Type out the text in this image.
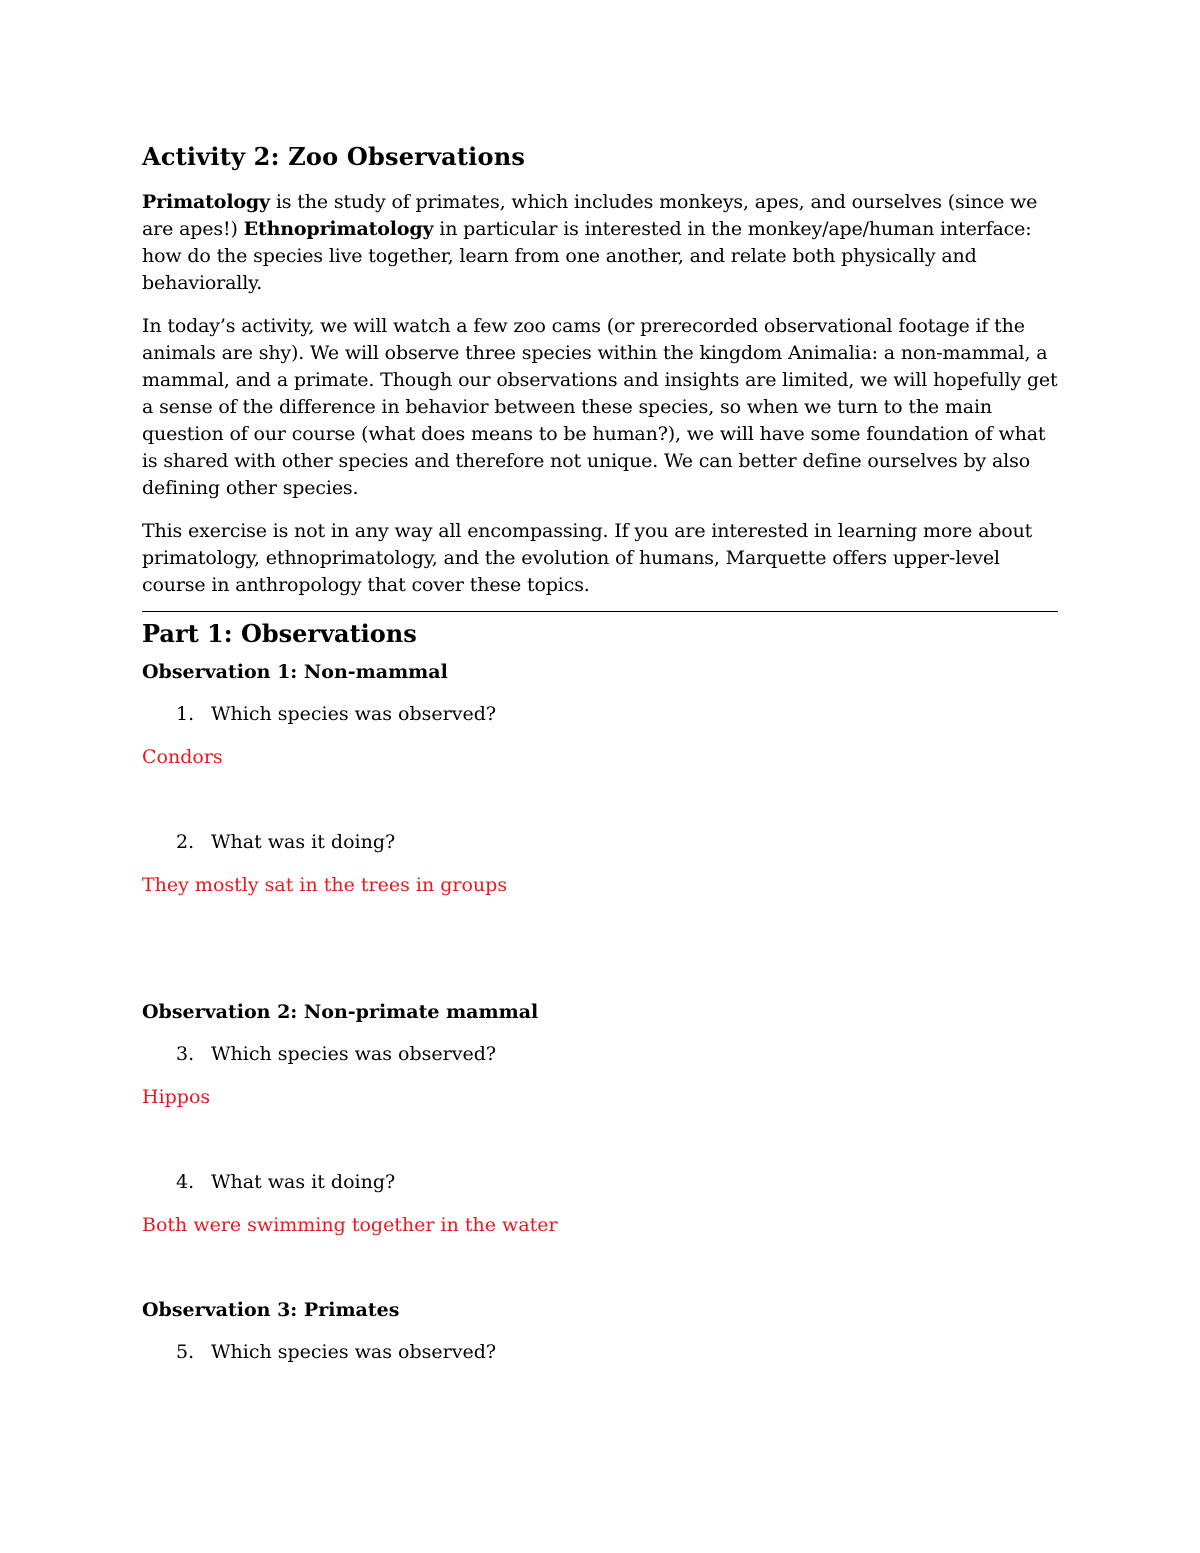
Activity 2: Zoo Observations

Primatology is the study of primates, which includes monkeys, apes, and ourselves (since we are apes!) Ethnoprimatology in particular is interested in the monkey/ape/human interface: how do the species live together, learn from one another, and relate both physically and behaviorally.

In today’s activity, we will watch a few zoo cams (or prerecorded observational footage if the animals are shy). We will observe three species within the kingdom Animalia: a non-mammal, a mammal, and a primate. Though our observations and insights are limited, we will hopefully get a sense of the difference in behavior between these species, so when we turn to the main question of our course (what does means to be human?), we will have some foundation of what is shared with other species and therefore not unique. We can better define ourselves by also defining other species.

This exercise is not in any way all encompassing. If you are interested in learning more about primatology, ethnoprimatology, and the evolution of humans, Marquette offers upper-level course in anthropology that cover these topics.

Part 1: Observations
Observation 1: Non-mammal
1. Which species was observed?

Condors

2. What was it doing?

They mostly sat in the trees in groups

Observation 2: Non-primate mammal
3. Which species was observed?

Hippos

4. What was it doing?

Both were swimming together in the water

Observation 3: Primates
5. Which species was observed?
